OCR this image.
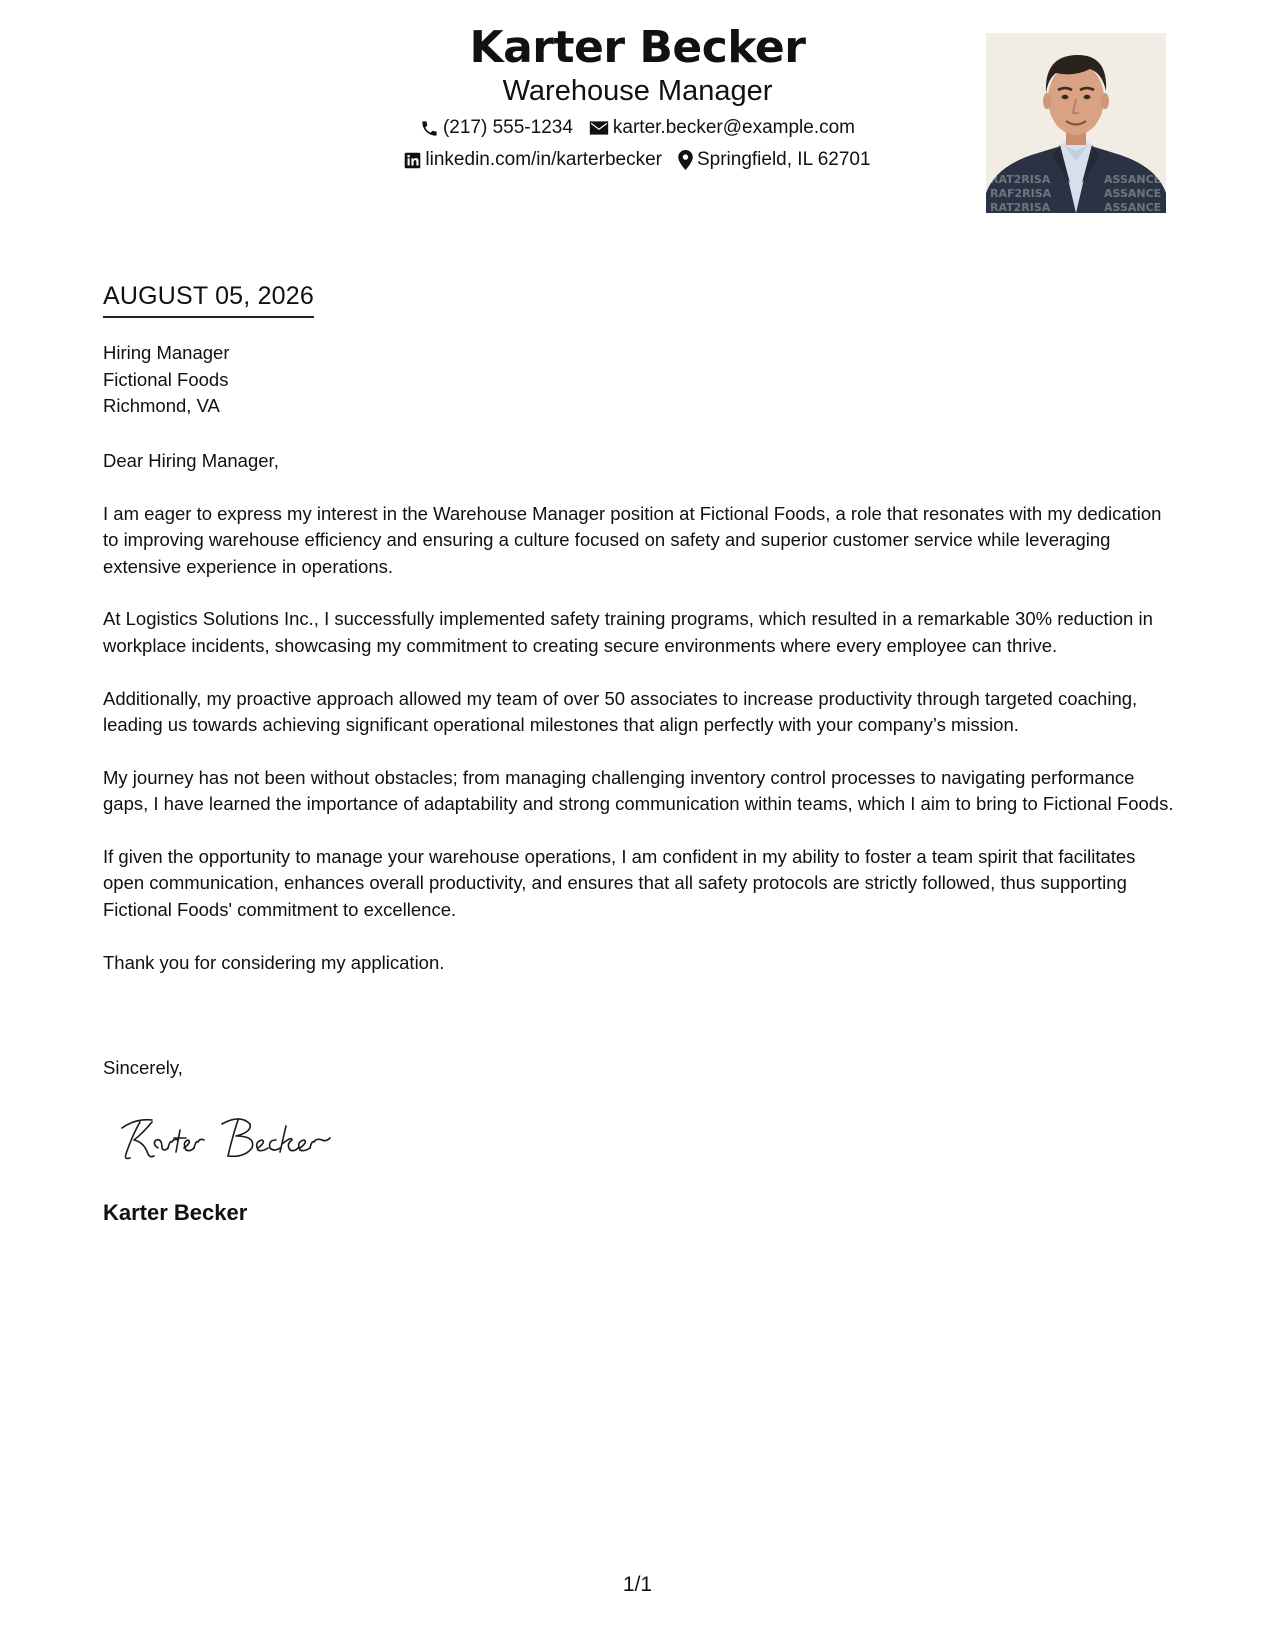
Karter Becker
Warehouse Manager
(217) 555-1234 karter.becker@example.com
linkedin.com/in/karterbecker Springfield, IL 62701
RAT2RISA	ASSANCE
RAF2RISA	ASSANCE
RAT2RISA	ASSANCE
AUGUST 05, 2026
Hiring Manager
Fictional Foods
Richmond, VA

Dear Hiring Manager,

I am eager to express my interest in the Warehouse Manager position at Fictional Foods, a role that resonates with my dedication to improving warehouse efficiency and ensuring a culture focused on safety and superior customer service while leveraging extensive experience in operations.

At Logistics Solutions Inc., I successfully implemented safety training programs, which resulted in a remarkable 30% reduction in workplace incidents, showcasing my commitment to creating secure environments where every employee can thrive.

Additionally, my proactive approach allowed my team of over 50 associates to increase productivity through targeted coaching, leading us towards achieving significant operational milestones that align perfectly with your company’s mission.

My journey has not been without obstacles; from managing challenging inventory control processes to navigating performance gaps, I have learned the importance of adaptability and strong communication within teams, which I aim to bring to Fictional Foods.

If given the opportunity to manage your warehouse operations, I am confident in my ability to foster a team spirit that facilitates open communication, enhances overall productivity, and ensures that all safety protocols are strictly followed, thus supporting Fictional Foods' commitment to excellence.

Thank you for considering my application.

Sincerely,
Karter Becker
1/1
